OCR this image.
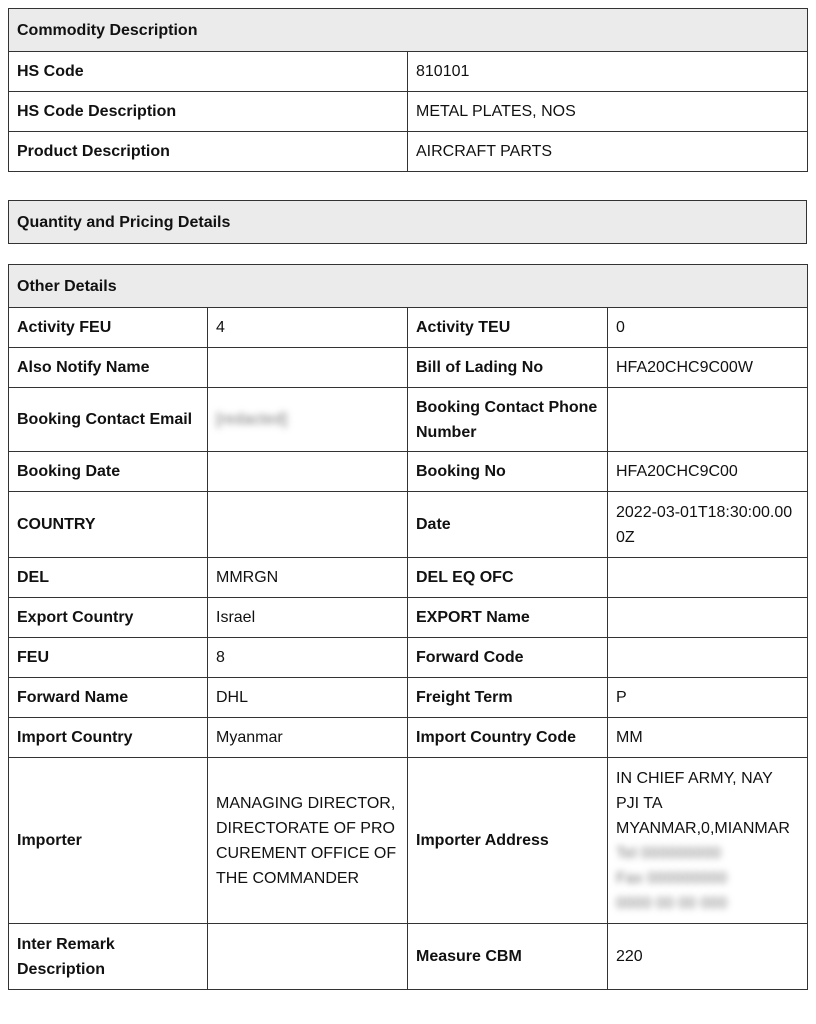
Commodity Description	
HS Code	810101
HS Code Description	METAL PLATES, NOS
Product Description	AIRCRAFT PARTS
Quantity and Pricing Details
Other Details			
Activity FEU	4	Activity TEU	0
Also Notify Name		Bill of Lading No	HFA20CHC9C00W
Booking Contact Email	[redacted]	Booking Contact Phone Number	
Booking Date		Booking No	HFA20CHC9C00
COUNTRY		Date	2022-03-01T18:30:00.000Z
DEL	MMRGN	DEL EQ OFC	
Export Country	Israel	EXPORT Name	
FEU	8	Forward Code	
Forward Name	DHL	Freight Term	P
Import Country	Myanmar	Import Country Code	MM
Importer	MANAGING DIRECTOR,DIRECTORATE OF PROCUREMENT OFFICE OF THE COMMANDER	Importer Address	IN CHIEF ARMY, NAY PJI TA MYANMAR,0,MIANMAR
Tel 000000000
Fax 000000000
0000 00 00 000
Inter Remark Description		Measure CBM	220
